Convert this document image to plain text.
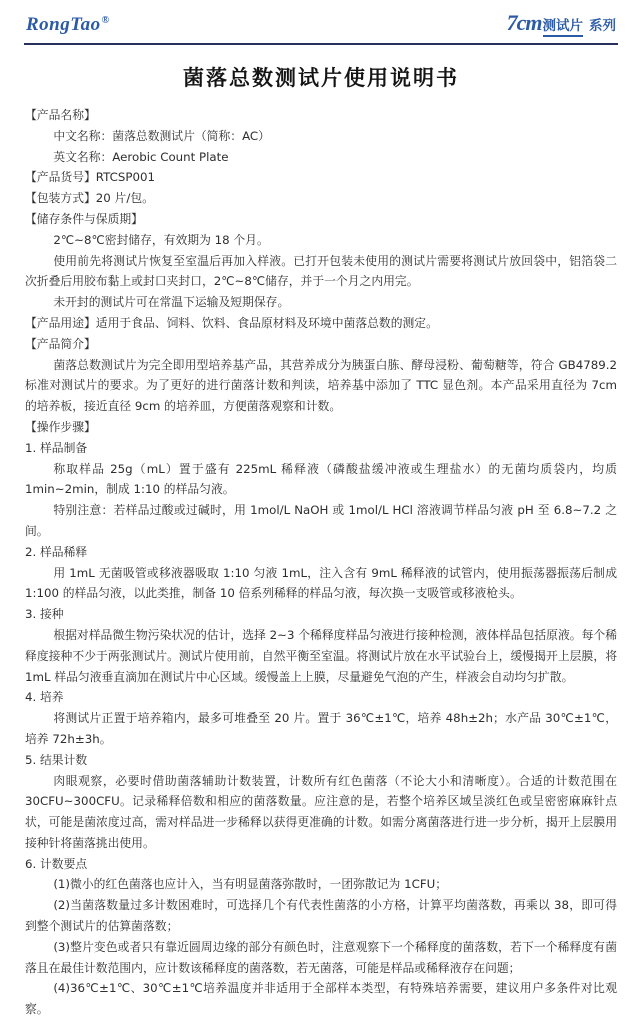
RongTao®	7cm测试片 系列
菌落总数测试片使用说明书

【产品名称】

中文名称：菌落总数测试片（简称：AC）

英文名称：Aerobic Count Plate

【产品货号】RTCSP001

【包装方式】20 片/包。

【储存条件与保质期】

2℃~8℃密封储存，有效期为 18 个月。

使用前先将测试片恢复至室温后再加入样液。已打开包装未使用的测试片需要将测试片放回袋中，铝箔袋二次折叠后用胶布黏上或封口夹封口，2℃~8℃储存，并于一个月之内用完。

未开封的测试片可在常温下运输及短期保存。

【产品用途】适用于食品、饲料、饮料、食品原材料及环境中菌落总数的测定。

【产品简介】

菌落总数测试片为完全即用型培养基产品，其营养成分为胰蛋白胨、酵母浸粉、葡萄糖等，符合 GB4789.2 标准对测试片的要求。为了更好的进行菌落计数和判读，培养基中添加了 TTC 显色剂。本产品采用直径为 7cm 的培养板，接近直径 9cm 的培养皿，方便菌落观察和计数。

【操作步骤】

1. 样品制备

称取样品 25g（mL）置于盛有 225mL 稀释液（磷酸盐缓冲液或生理盐水）的无菌均质袋内，均质 1min~2min，制成 1:10 的样品匀液。

特别注意：若样品过酸或过碱时，用 1mol/L NaOH 或 1mol/L HCl 溶液调节样品匀液 pH 至 6.8~7.2 之间。

2. 样品稀释

用 1mL 无菌吸管或移液器吸取 1:10 匀液 1mL，注入含有 9mL 稀释液的试管内，使用振荡器振荡后制成 1:100 的样品匀液，以此类推，制备 10 倍系列稀释的样品匀液，每次换一支吸管或移液枪头。

3. 接种

根据对样品微生物污染状况的估计，选择 2~3 个稀释度样品匀液进行接种检测，液体样品包括原液。每个稀释度接种不少于两张测试片。测试片使用前，自然平衡至室温。将测试片放在水平试验台上，缓慢揭开上层膜，将 1mL 样品匀液垂直滴加在测试片中心区域。缓慢盖上上膜，尽量避免气泡的产生，样液会自动均匀扩散。

4. 培养

将测试片正置于培养箱内，最多可堆叠至 20 片。置于 36℃±1℃，培养 48h±2h；水产品 30℃±1℃，培养 72h±3h。

5. 结果计数

肉眼观察，必要时借助菌落辅助计数装置，计数所有红色菌落（不论大小和清晰度）。合适的计数范围在 30CFU~300CFU。记录稀释倍数和相应的菌落数量。应注意的是，若整个培养区域呈淡红色或呈密密麻麻针点状，可能是菌浓度过高，需对样品进一步稀释以获得更准确的计数。如需分离菌落进行进一步分析，揭开上层膜用接种针将菌落挑出使用。

6. 计数要点

(1)微小的红色菌落也应计入，当有明显菌落弥散时，一团弥散记为 1CFU；

(2)当菌落数量过多计数困难时，可选择几个有代表性菌落的小方格，计算平均菌落数，再乘以 38，即可得到整个测试片的估算菌落数；

(3)整片变色或者只有靠近圆周边缘的部分有颜色时，注意观察下一个稀释度的菌落数，若下一个稀释度有菌落且在最佳计数范围内，应计数该稀释度的菌落数，若无菌落，可能是样品或稀释液存在问题；

(4)36℃±1℃、30℃±1℃培养温度并非适用于全部样本类型，有特殊培养需要，建议用户多条件对比观察。
